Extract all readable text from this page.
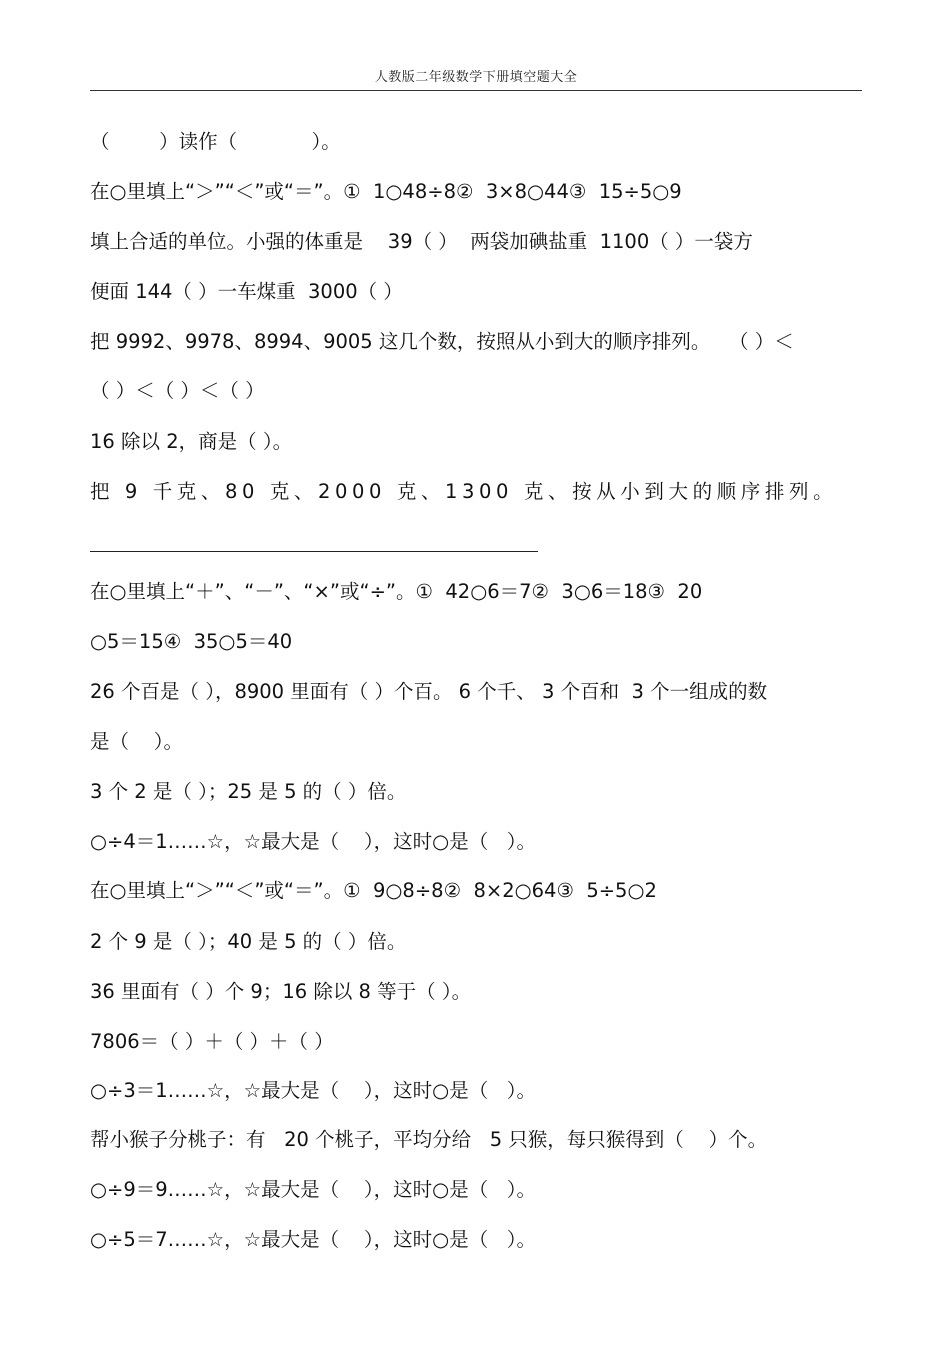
人教版二年级数学下册填空题大全
（        ）读作（            ）。
在○里填上“＞”“＜”或“＝”。①  1○48÷8②  3×8○44③  15÷5○9
填上合适的单位。小强的体重是    39（ ）  两袋加碘盐重  1100（ ）一袋方
便面 144（ ）一车煤重  3000（ ）
把 9992、9978、8994、9005 这几个数，按照从小到大的顺序排列。   （ ）＜
（ ）＜（ ）＜（ ）
16 除以 2，商是（ ）。
把 9 千克、80 克、2000 克、1300 克、按从小到大的顺序排列。
在○里填上“＋”、“－”、“×”或“÷”。①  42○6＝7②  3○6＝18③  20
○5＝15④  35○5＝40
26 个百是（ ），8900 里面有（ ）个百。 6 个千、 3 个百和  3 个一组成的数
是（    ）。
3 个 2 是（ ）；25 是 5 的（ ）倍。
○÷4＝1……☆，☆最大是（    ），这时○是（   ）。
在○里填上“＞”“＜”或“＝”。①  9○8÷8②  8×2○64③  5÷5○2
2 个 9 是（ ）；40 是 5 的（ ）倍。
36 里面有（ ）个 9；16 除以 8 等于（ ）。
7806＝（ ）＋（ ）＋（ ）
○÷3＝1……☆，☆最大是（    ），这时○是（   ）。
帮小猴子分桃子：有   20 个桃子，平均分给   5 只猴，每只猴得到（    ）个。
○÷9＝9……☆，☆最大是（    ），这时○是（   ）。
○÷5＝7……☆，☆最大是（    ），这时○是（   ）。
